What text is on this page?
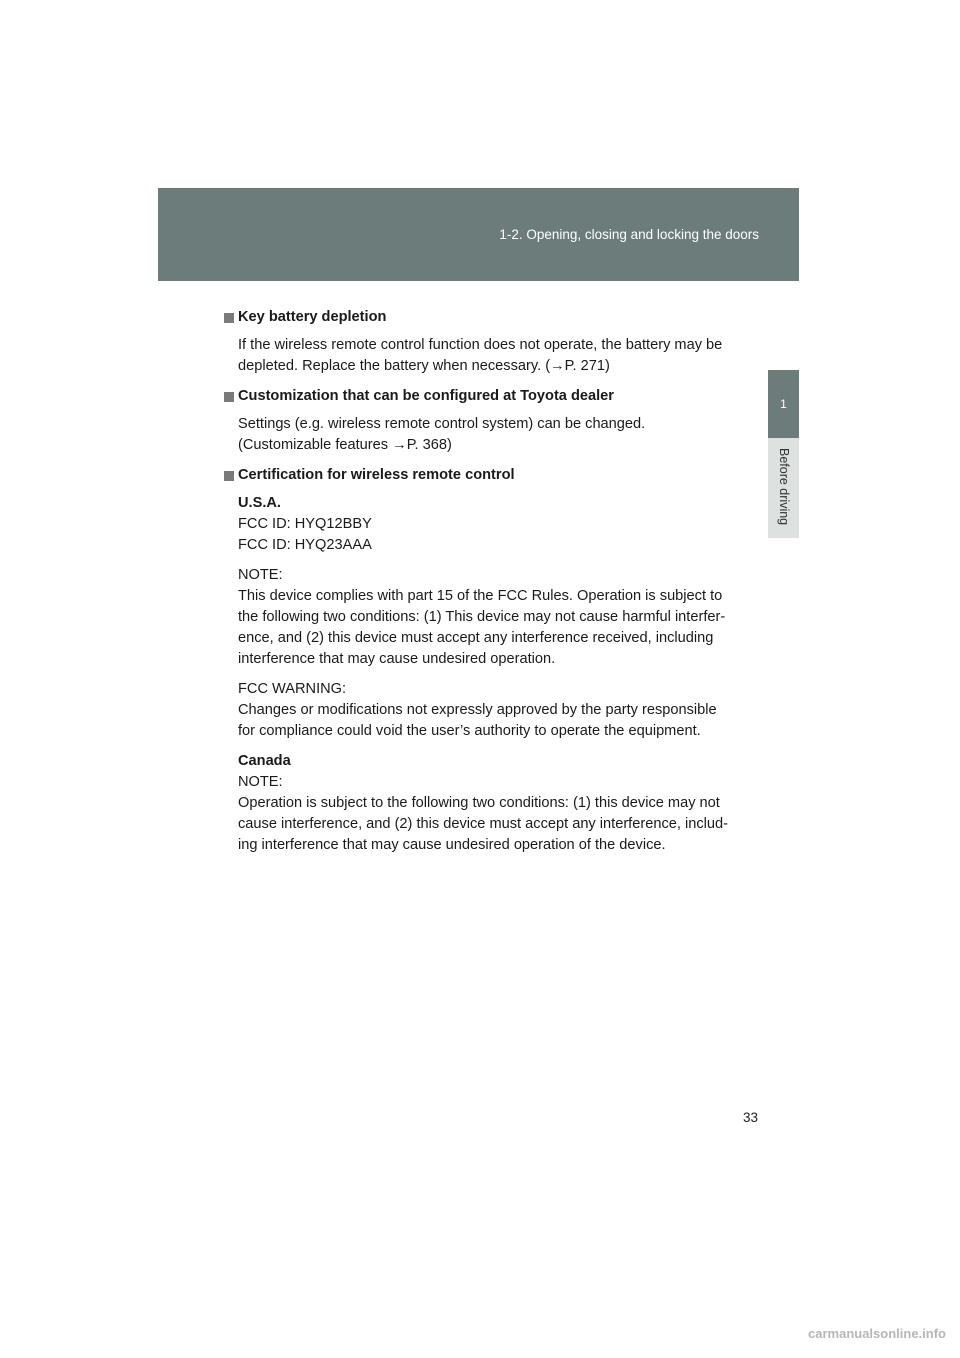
1-2. Opening, closing and locking the doors
1
Before driving
Key battery depletion
If the wireless remote control function does not operate, the battery may be
depleted. Replace the battery when necessary. (→P. 271)
Customization that can be configured at Toyota dealer
Settings (e.g. wireless remote control system) can be changed.
(Customizable features →P. 368)
Certification for wireless remote control
U.S.A.
FCC ID: HYQ12BBY
FCC ID: HYQ23AAA
NOTE:
This device complies with part 15 of the FCC Rules. Operation is subject to
the following two conditions: (1) This device may not cause harmful interfer-
ence, and (2) this device must accept any interference received, including
interference that may cause undesired operation.
FCC WARNING:
Changes or modifications not expressly approved by the party responsible
for compliance could void the user’s authority to operate the equipment.
Canada
NOTE:
Operation is subject to the following two conditions: (1) this device may not
cause interference, and (2) this device must accept any interference, includ-
ing interference that may cause undesired operation of the device.
33
carmanualsonline.info
